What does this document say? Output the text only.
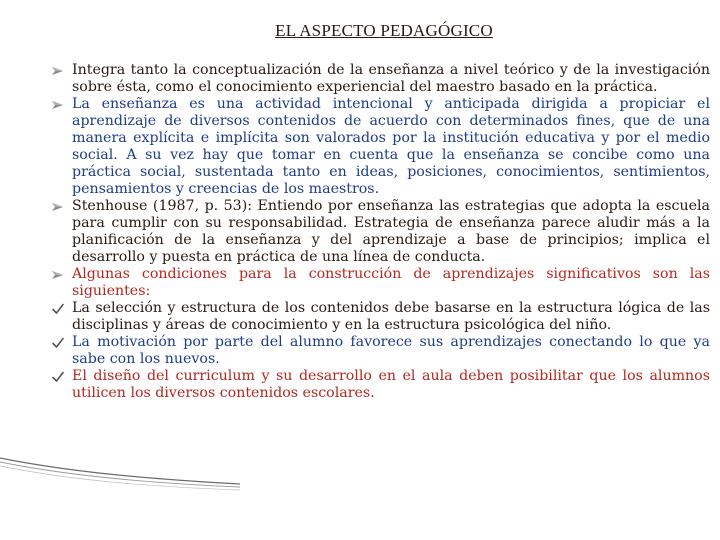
EL ASPECTO PEDAGÓGICO
Integra tanto la conceptualización de la enseñanza a nivel teórico y de la investigación sobre ésta, como el conocimiento experiencial del maestro basado en la práctica.
La enseñanza es una actividad intencional y anticipada dirigida a propiciar el aprendizaje de diversos contenidos de acuerdo con determinados fines, que de una manera explícita e implícita son valorados por la institución educativa y por el medio social. A su vez hay que tomar en cuenta que la enseñanza se concibe como una práctica social, sustentada tanto en ideas, posiciones, conocimientos, sentimientos, pensamientos y creencias de los maestros.
Stenhouse (1987, p. 53): Entiendo por enseñanza las estrategias que adopta la escuela para cumplir con su responsabilidad. Estrategia de enseñanza parece aludir más a la planificación de la enseñanza y del aprendizaje a base de principios; implica el desarrollo y puesta en práctica de una línea de conducta.
Algunas condiciones para la construcción de aprendizajes significativos son las siguientes:
La selección y estructura de los contenidos debe basarse en la estructura lógica de las disciplinas y áreas de conocimiento y en la estructura psicológica del niño.
La motivación por parte del alumno favorece sus aprendizajes conectando lo que ya sabe con los nuevos.
El diseño del curriculum y su desarrollo en el aula deben posibilitar que los alumnos utilicen los diversos contenidos escolares.
